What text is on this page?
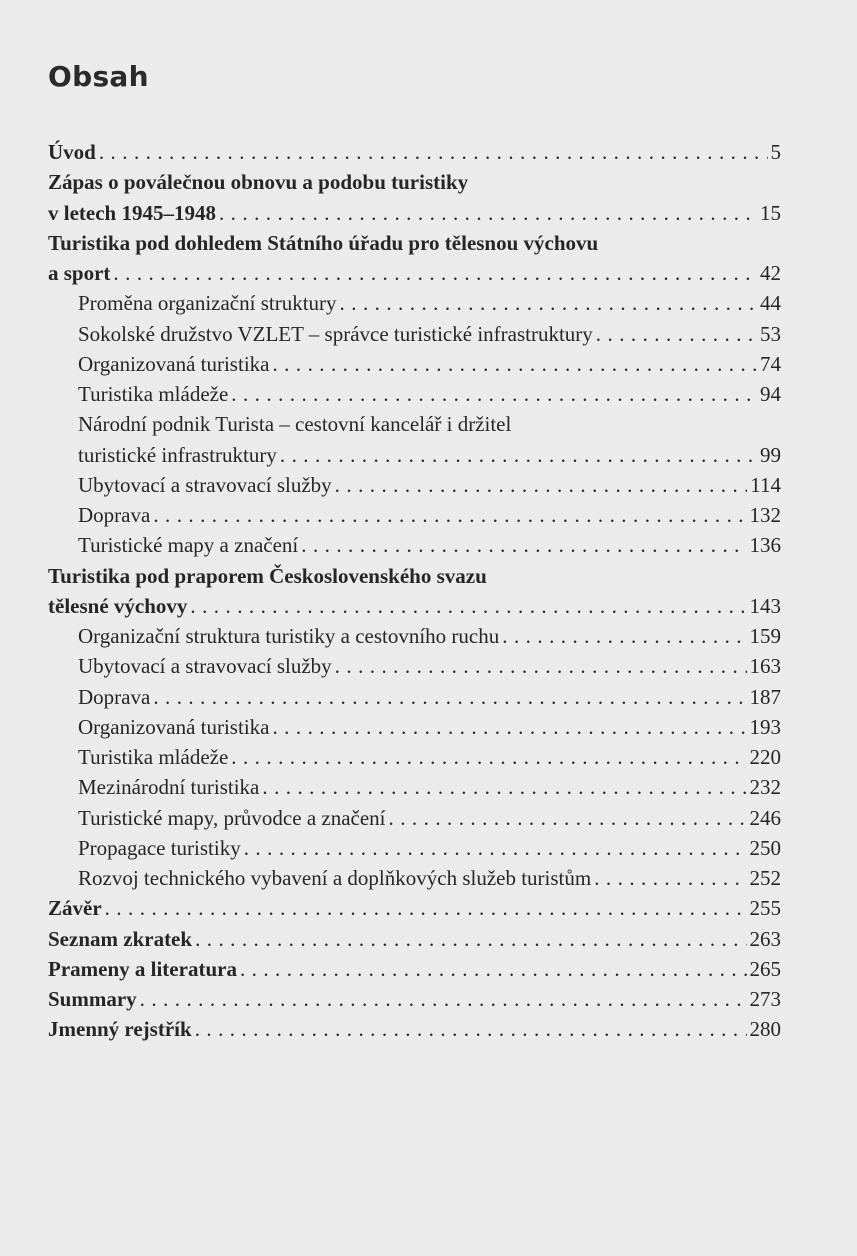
Obsah
Úvod . . .	5
Zápas o poválečnou obnovu a podobu turistiky
v letech 1945–1948 . . .	15
Turistika pod dohledem Státního úřadu pro tělesnou výchovu
a sport . . .	42
Proměna organizační struktury . . .	44
Sokolské družstvo VZLET – správce turistické infrastruktury . . .	53
Organizovaná turistika . . .	74
Turistika mládeže . . .	94
Národní podnik Turista – cestovní kancelář i držitel
turistické infrastruktury . . .	99
Ubytovací a stravovací služby . . .	114
Doprava . . .	132
Turistické mapy a značení . . .	136
Turistika pod praporem Československého svazu
tělesné výchovy . . .	143
Organizační struktura turistiky a cestovního ruchu . . .	159
Ubytovací a stravovací služby . . .	163
Doprava . . .	187
Organizovaná turistika . . .	193
Turistika mládeže . . .	220
Mezinárodní turistika . . .	232
Turistické mapy, průvodce a značení . . .	246
Propagace turistiky . . .	250
Rozvoj technického vybavení a doplňkových služeb turistům . . .	252
Závěr . . .	255
Seznam zkratek . . .	263
Prameny a literatura . . .	265
Summary . . .	273
Jmenný rejstřík . . .	280
